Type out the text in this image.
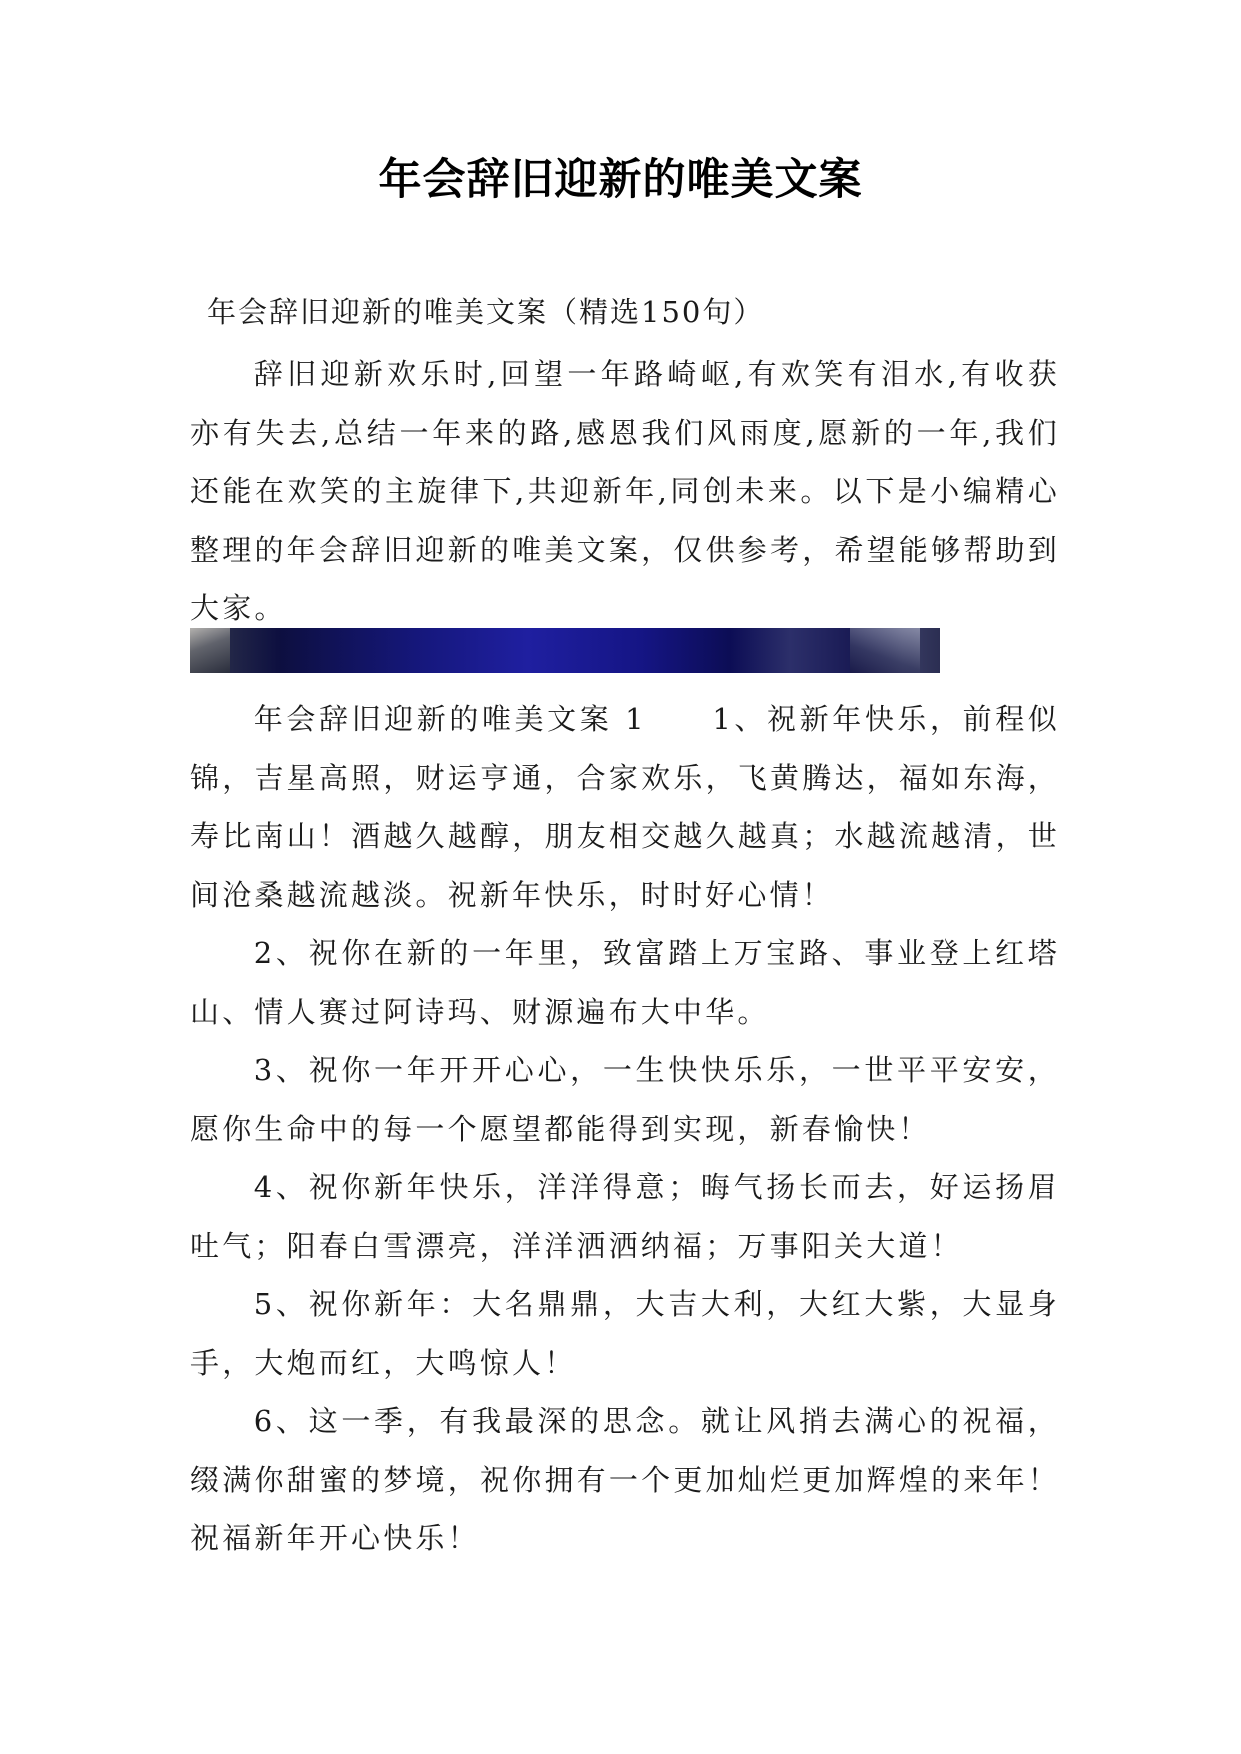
年会辞旧迎新的唯美文案
年会辞旧迎新的唯美文案（精选150句）

辞旧迎新欢乐时,回望一年路崎岖,有欢笑有泪水,有收获亦有失去,总结一年来的路,感恩我们风雨度,愿新的一年,我们还能在欢笑的主旋律下,共迎新年,同创未来。以下是小编精心整理的年会辞旧迎新的唯美文案，仅供参考，希望能够帮助到大家。

年会辞旧迎新的唯美文案 1　　1、祝新年快乐，前程似锦，吉星高照，财运亨通，合家欢乐，飞黄腾达，福如东海，寿比南山！酒越久越醇，朋友相交越久越真；水越流越清，世间沧桑越流越淡。祝新年快乐，时时好心情！

2、祝你在新的一年里，致富踏上万宝路、事业登上红塔山、情人赛过阿诗玛、财源遍布大中华。

3、祝你一年开开心心，一生快快乐乐，一世平平安安，愿你生命中的每一个愿望都能得到实现，新春愉快！

4、祝你新年快乐，洋洋得意；晦气扬长而去，好运扬眉吐气；阳春白雪漂亮，洋洋洒洒纳福；万事阳关大道！

5、祝你新年：大名鼎鼎，大吉大利，大红大紫，大显身手，大炮而红，大鸣惊人！

6、这一季，有我最深的思念。就让风捎去满心的祝福，缀满你甜蜜的梦境，祝你拥有一个更加灿烂更加辉煌的来年！祝福新年开心快乐！
